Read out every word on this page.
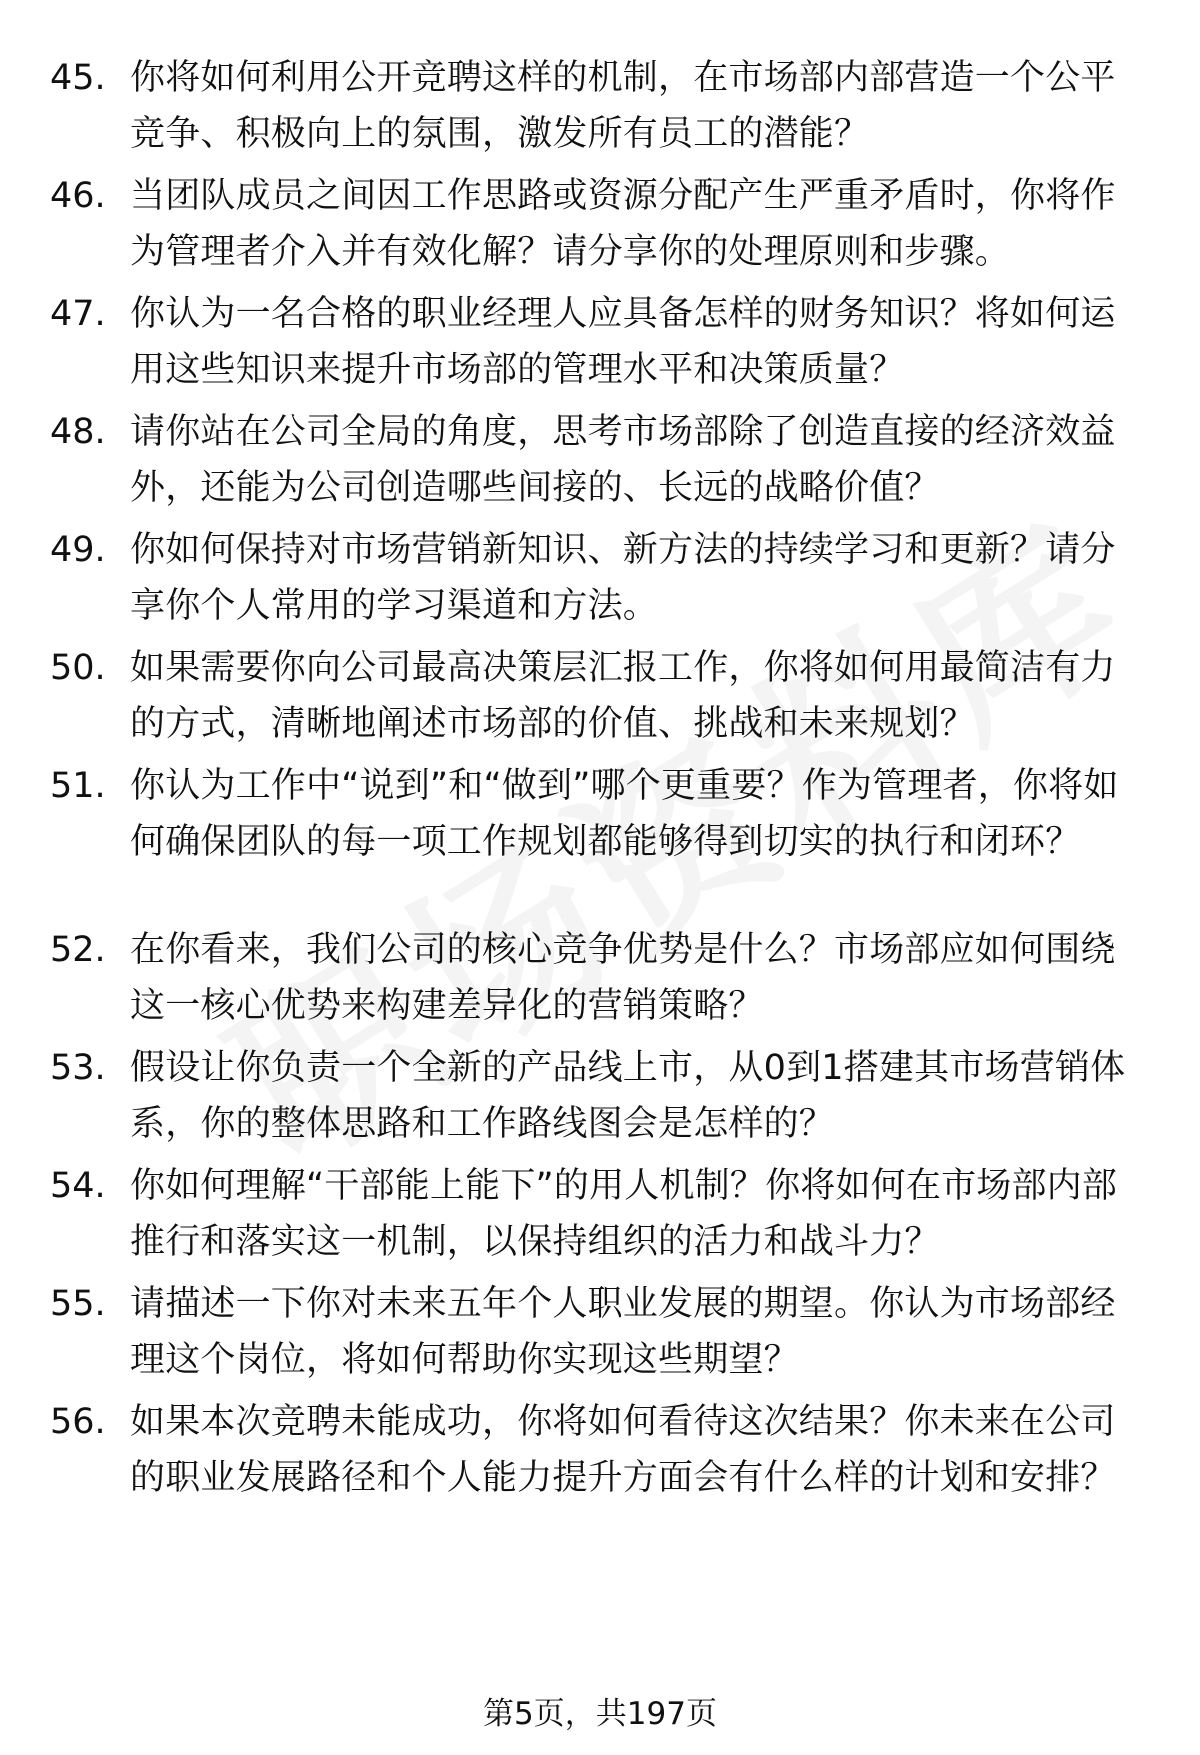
45. 你将如何利用公开竞聘这样的机制，在市场部内部营造一个公平竞争、积极向上的氛围，激发所有员工的潜能？
46. 当团队成员之间因工作思路或资源分配产生严重矛盾时，你将作为管理者介入并有效化解？请分享你的处理原则和步骤。
47. 你认为一名合格的职业经理人应具备怎样的财务知识？将如何运用这些知识来提升市场部的管理水平和决策质量？
48. 请你站在公司全局的角度，思考市场部除了创造直接的经济效益外，还能为公司创造哪些间接的、长远的战略价值？
49. 你如何保持对市场营销新知识、新方法的持续学习和更新？请分享你个人常用的学习渠道和方法。
50. 如果需要你向公司最高决策层汇报工作，你将如何用最简洁有力的方式，清晰地阐述市场部的价值、挑战和未来规划？
51. 你认为工作中“说到”和“做到”哪个更重要？作为管理者，你将如何确保团队的每一项工作规划都能够得到切实的执行和闭环？
52. 在你看来，我们公司的核心竞争优势是什么？市场部应如何围绕这一核心优势来构建差异化的营销策略？
53. 假设让你负责一个全新的产品线上市，从0到1搭建其市场营销体系，你的整体思路和工作路线图会是怎样的？
54. 你如何理解“干部能上能下”的用人机制？你将如何在市场部内部推行和落实这一机制，以保持组织的活力和战斗力？
55. 请描述一下你对未来五年个人职业发展的期望。你认为市场部经理这个岗位，将如何帮助你实现这些期望？
56. 如果本次竞聘未能成功，你将如何看待这次结果？你未来在公司的职业发展路径和个人能力提升方面会有什么样的计划和安排？
第5页，共197页
